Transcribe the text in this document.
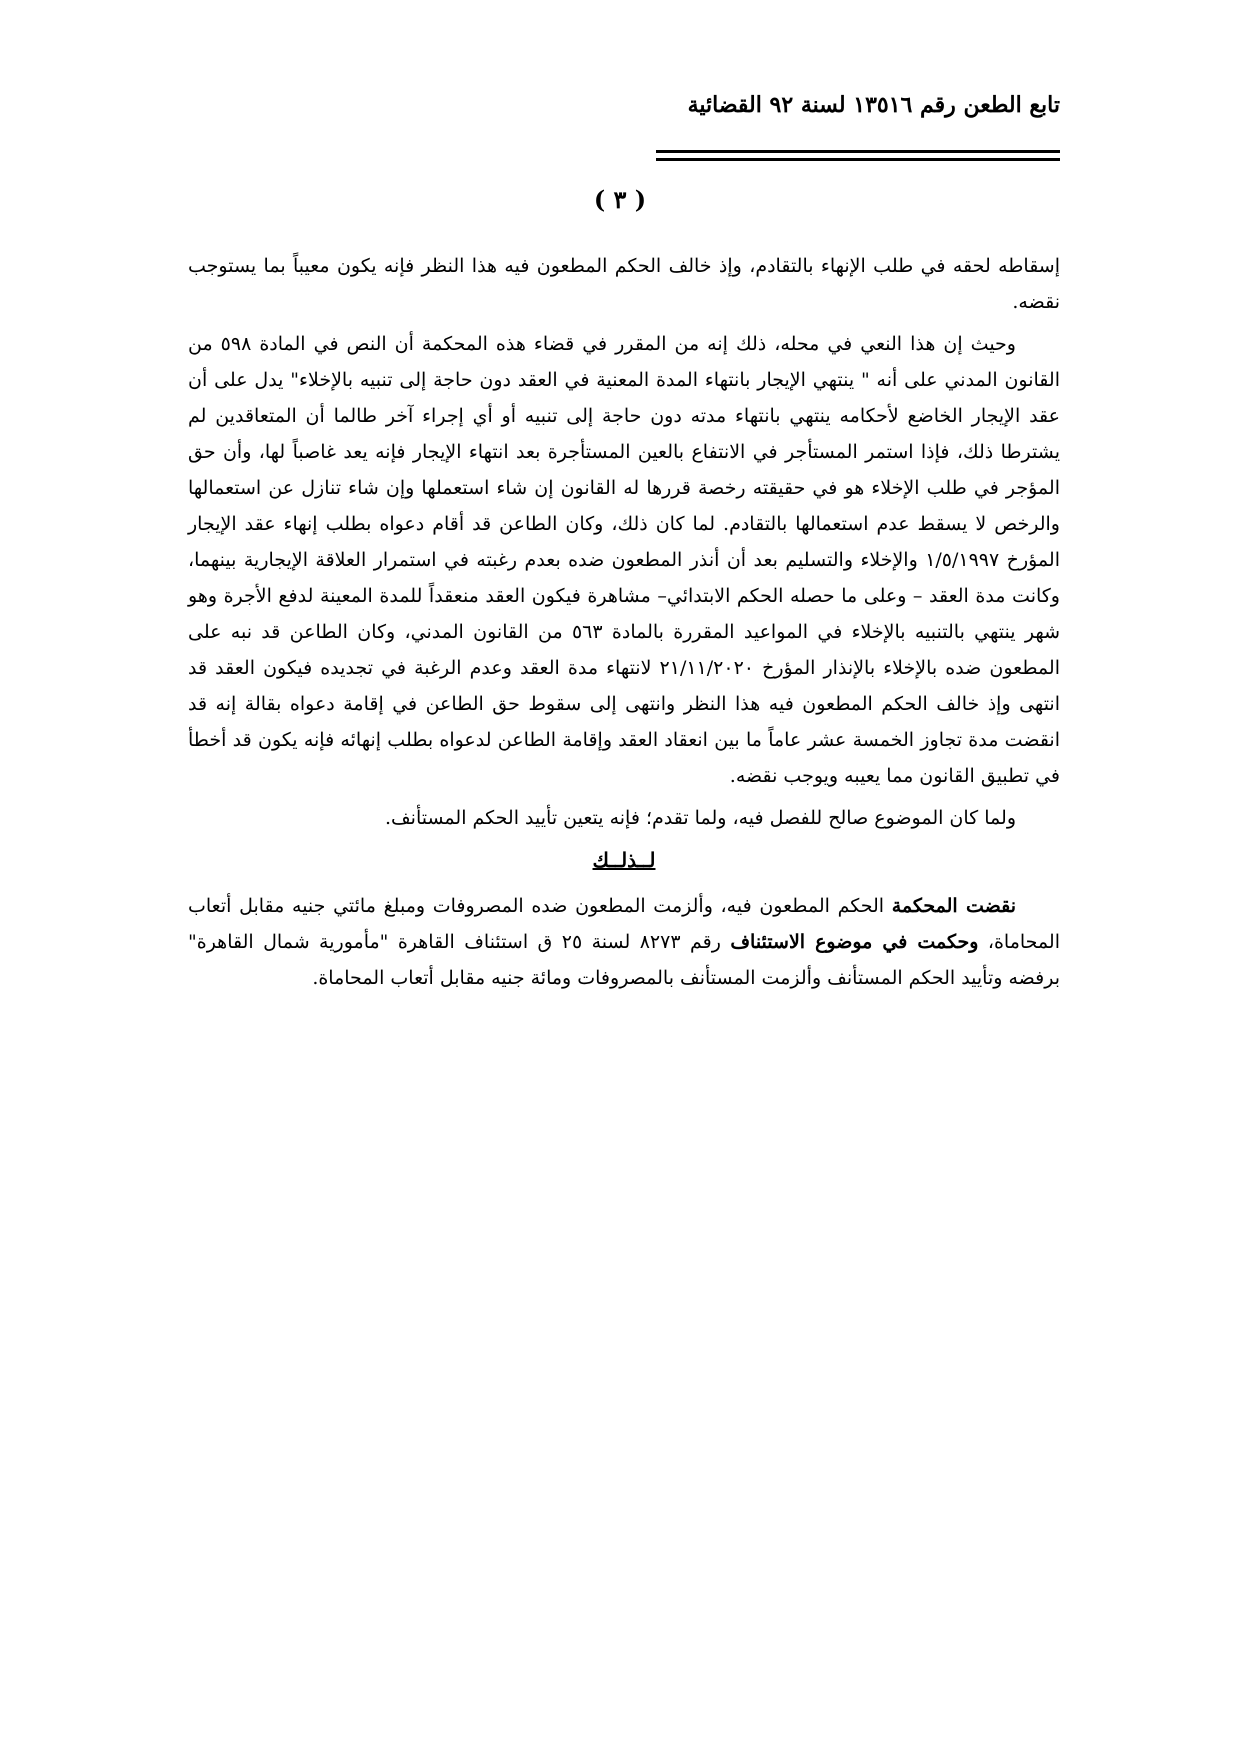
تابع الطعن رقم ١٣٥١٦ لسنة ٩٢ القضائية
( ٣ )

إسقاطه لحقه في طلب الإنهاء بالتقادم، وإذ خالف الحكم المطعون فيه هذا النظر فإنه يكون معيباً بما يستوجب نقضه.

وحيث إن هذا النعي في محله، ذلك إنه من المقرر في قضاء هذه المحكمة أن النص في المادة ٥٩٨ من القانون المدني على أنه " ينتهي الإيجار بانتهاء المدة المعنية في العقد دون حاجة إلى تنبيه بالإخلاء" يدل على أن عقد الإيجار الخاضع لأحكامه ينتهي بانتهاء مدته دون حاجة إلى تنبيه أو أي إجراء آخر طالما أن المتعاقدين لم يشترطا ذلك، فإذا استمر المستأجر في الانتفاع بالعين المستأجرة بعد انتهاء الإيجار فإنه يعد غاصباً لها، وأن حق المؤجر في طلب الإخلاء هو في حقيقته رخصة قررها له القانون إن شاء استعملها وإن شاء تنازل عن استعمالها والرخص لا يسقط عدم استعمالها بالتقادم. لما كان ذلك، وكان الطاعن قد أقام دعواه بطلب إنهاء عقد الإيجار المؤرخ ١/٥/١٩٩٧ والإخلاء والتسليم بعد أن أنذر المطعون ضده بعدم رغبته في استمرار العلاقة الإيجارية بينهما، وكانت مدة العقد – وعلى ما حصله الحكم الابتدائي– مشاهرة فيكون العقد منعقداً للمدة المعينة لدفع الأجرة وهو شهر ينتهي بالتنبيه بالإخلاء في المواعيد المقررة بالمادة ٥٦٣ من القانون المدني، وكان الطاعن قد نبه على المطعون ضده بالإخلاء بالإنذار المؤرخ ٢١/١١/٢٠٢٠ لانتهاء مدة العقد وعدم الرغبة في تجديده فيكون العقد قد انتهى وإذ خالف الحكم المطعون فيه هذا النظر وانتهى إلى سقوط حق الطاعن في إقامة دعواه بقالة إنه قد انقضت مدة تجاوز الخمسة عشر عاماً ما بين انعقاد العقد وإقامة الطاعن لدعواه بطلب إنهائه فإنه يكون قد أخطأ في تطبيق القانون مما يعيبه ويوجب نقضه.

ولما كان الموضوع صالح للفصل فيه، ولما تقدم؛ فإنه يتعين تأييد الحكم المستأنف.

لــذلــك

نقضت المحكمة الحكم المطعون فيه، وألزمت المطعون ضده المصروفات ومبلغ مائتي جنيه مقابل أتعاب المحاماة، وحكمت في موضوع الاستئناف رقم ٨٢٧٣ لسنة ٢٥ ق استئناف القاهرة "مأمورية شمال القاهرة" برفضه وتأييد الحكم المستأنف وألزمت المستأنف بالمصروفات ومائة جنيه مقابل أتعاب المحاماة.
